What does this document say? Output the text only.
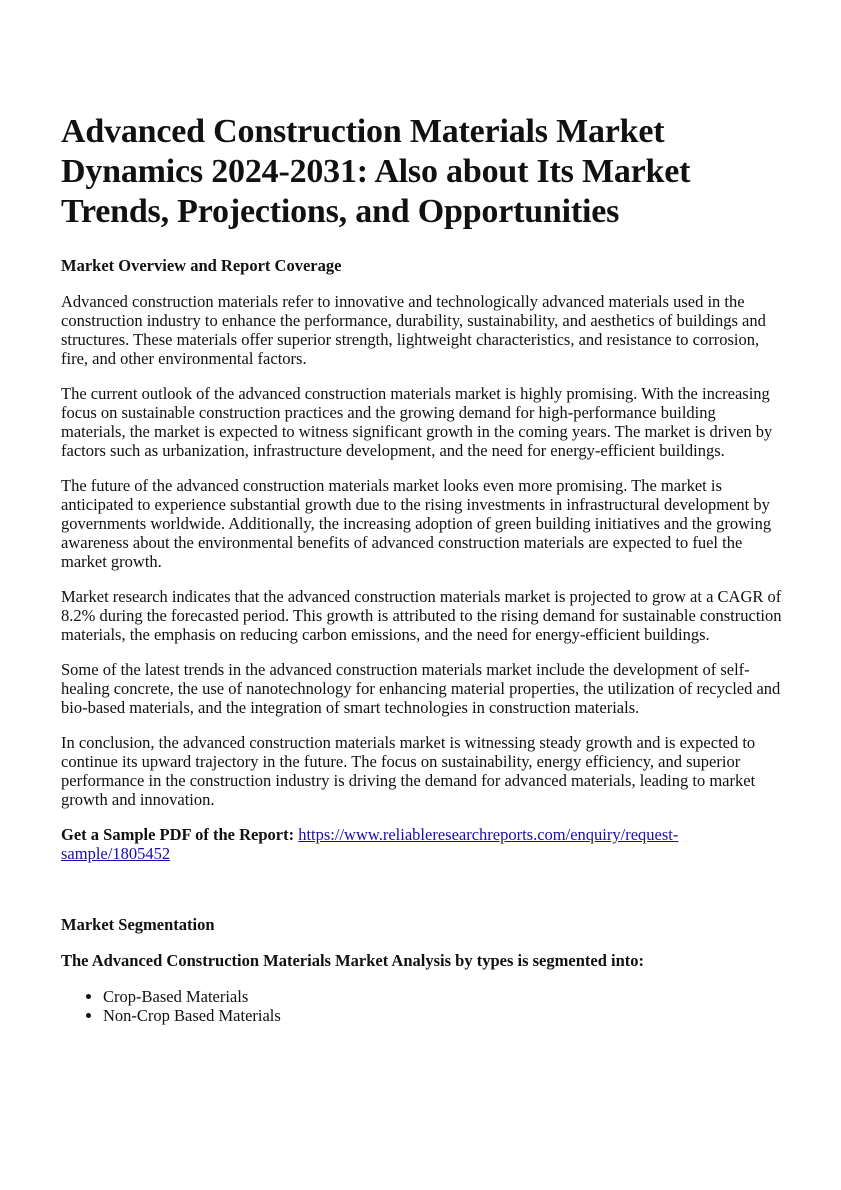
Advanced Construction Materials Market Dynamics 2024-2031: Also about Its Market Trends, Projections, and Opportunities
Market Overview and Report Coverage

Advanced construction materials refer to innovative and technologically advanced materials used in the construction industry to enhance the performance, durability, sustainability, and aesthetics of buildings and structures. These materials offer superior strength, lightweight characteristics, and resistance to corrosion, fire, and other environmental factors.

The current outlook of the advanced construction materials market is highly promising. With the increasing focus on sustainable construction practices and the growing demand for high-performance building materials, the market is expected to witness significant growth in the coming years. The market is driven by factors such as urbanization, infrastructure development, and the need for energy-efficient buildings.

The future of the advanced construction materials market looks even more promising. The market is anticipated to experience substantial growth due to the rising investments in infrastructural development by governments worldwide. Additionally, the increasing adoption of green building initiatives and the growing awareness about the environmental benefits of advanced construction materials are expected to fuel the market growth.

Market research indicates that the advanced construction materials market is projected to grow at a CAGR of 8.2% during the forecasted period. This growth is attributed to the rising demand for sustainable construction materials, the emphasis on reducing carbon emissions, and the need for energy-efficient buildings.

Some of the latest trends in the advanced construction materials market include the development of self-healing concrete, the use of nanotechnology for enhancing material properties, the utilization of recycled and bio-based materials, and the integration of smart technologies in construction materials.

In conclusion, the advanced construction materials market is witnessing steady growth and is expected to continue its upward trajectory in the future. The focus on sustainability, energy efficiency, and superior performance in the construction industry is driving the demand for advanced materials, leading to market growth and innovation.

Get a Sample PDF of the Report: https://www.reliableresearchreports.com/enquiry/request-sample/1805452
Market Segmentation
The Advanced Construction Materials Market Analysis by types is segmented into:
• Crop-Based Materials
• Non-Crop Based Materials
